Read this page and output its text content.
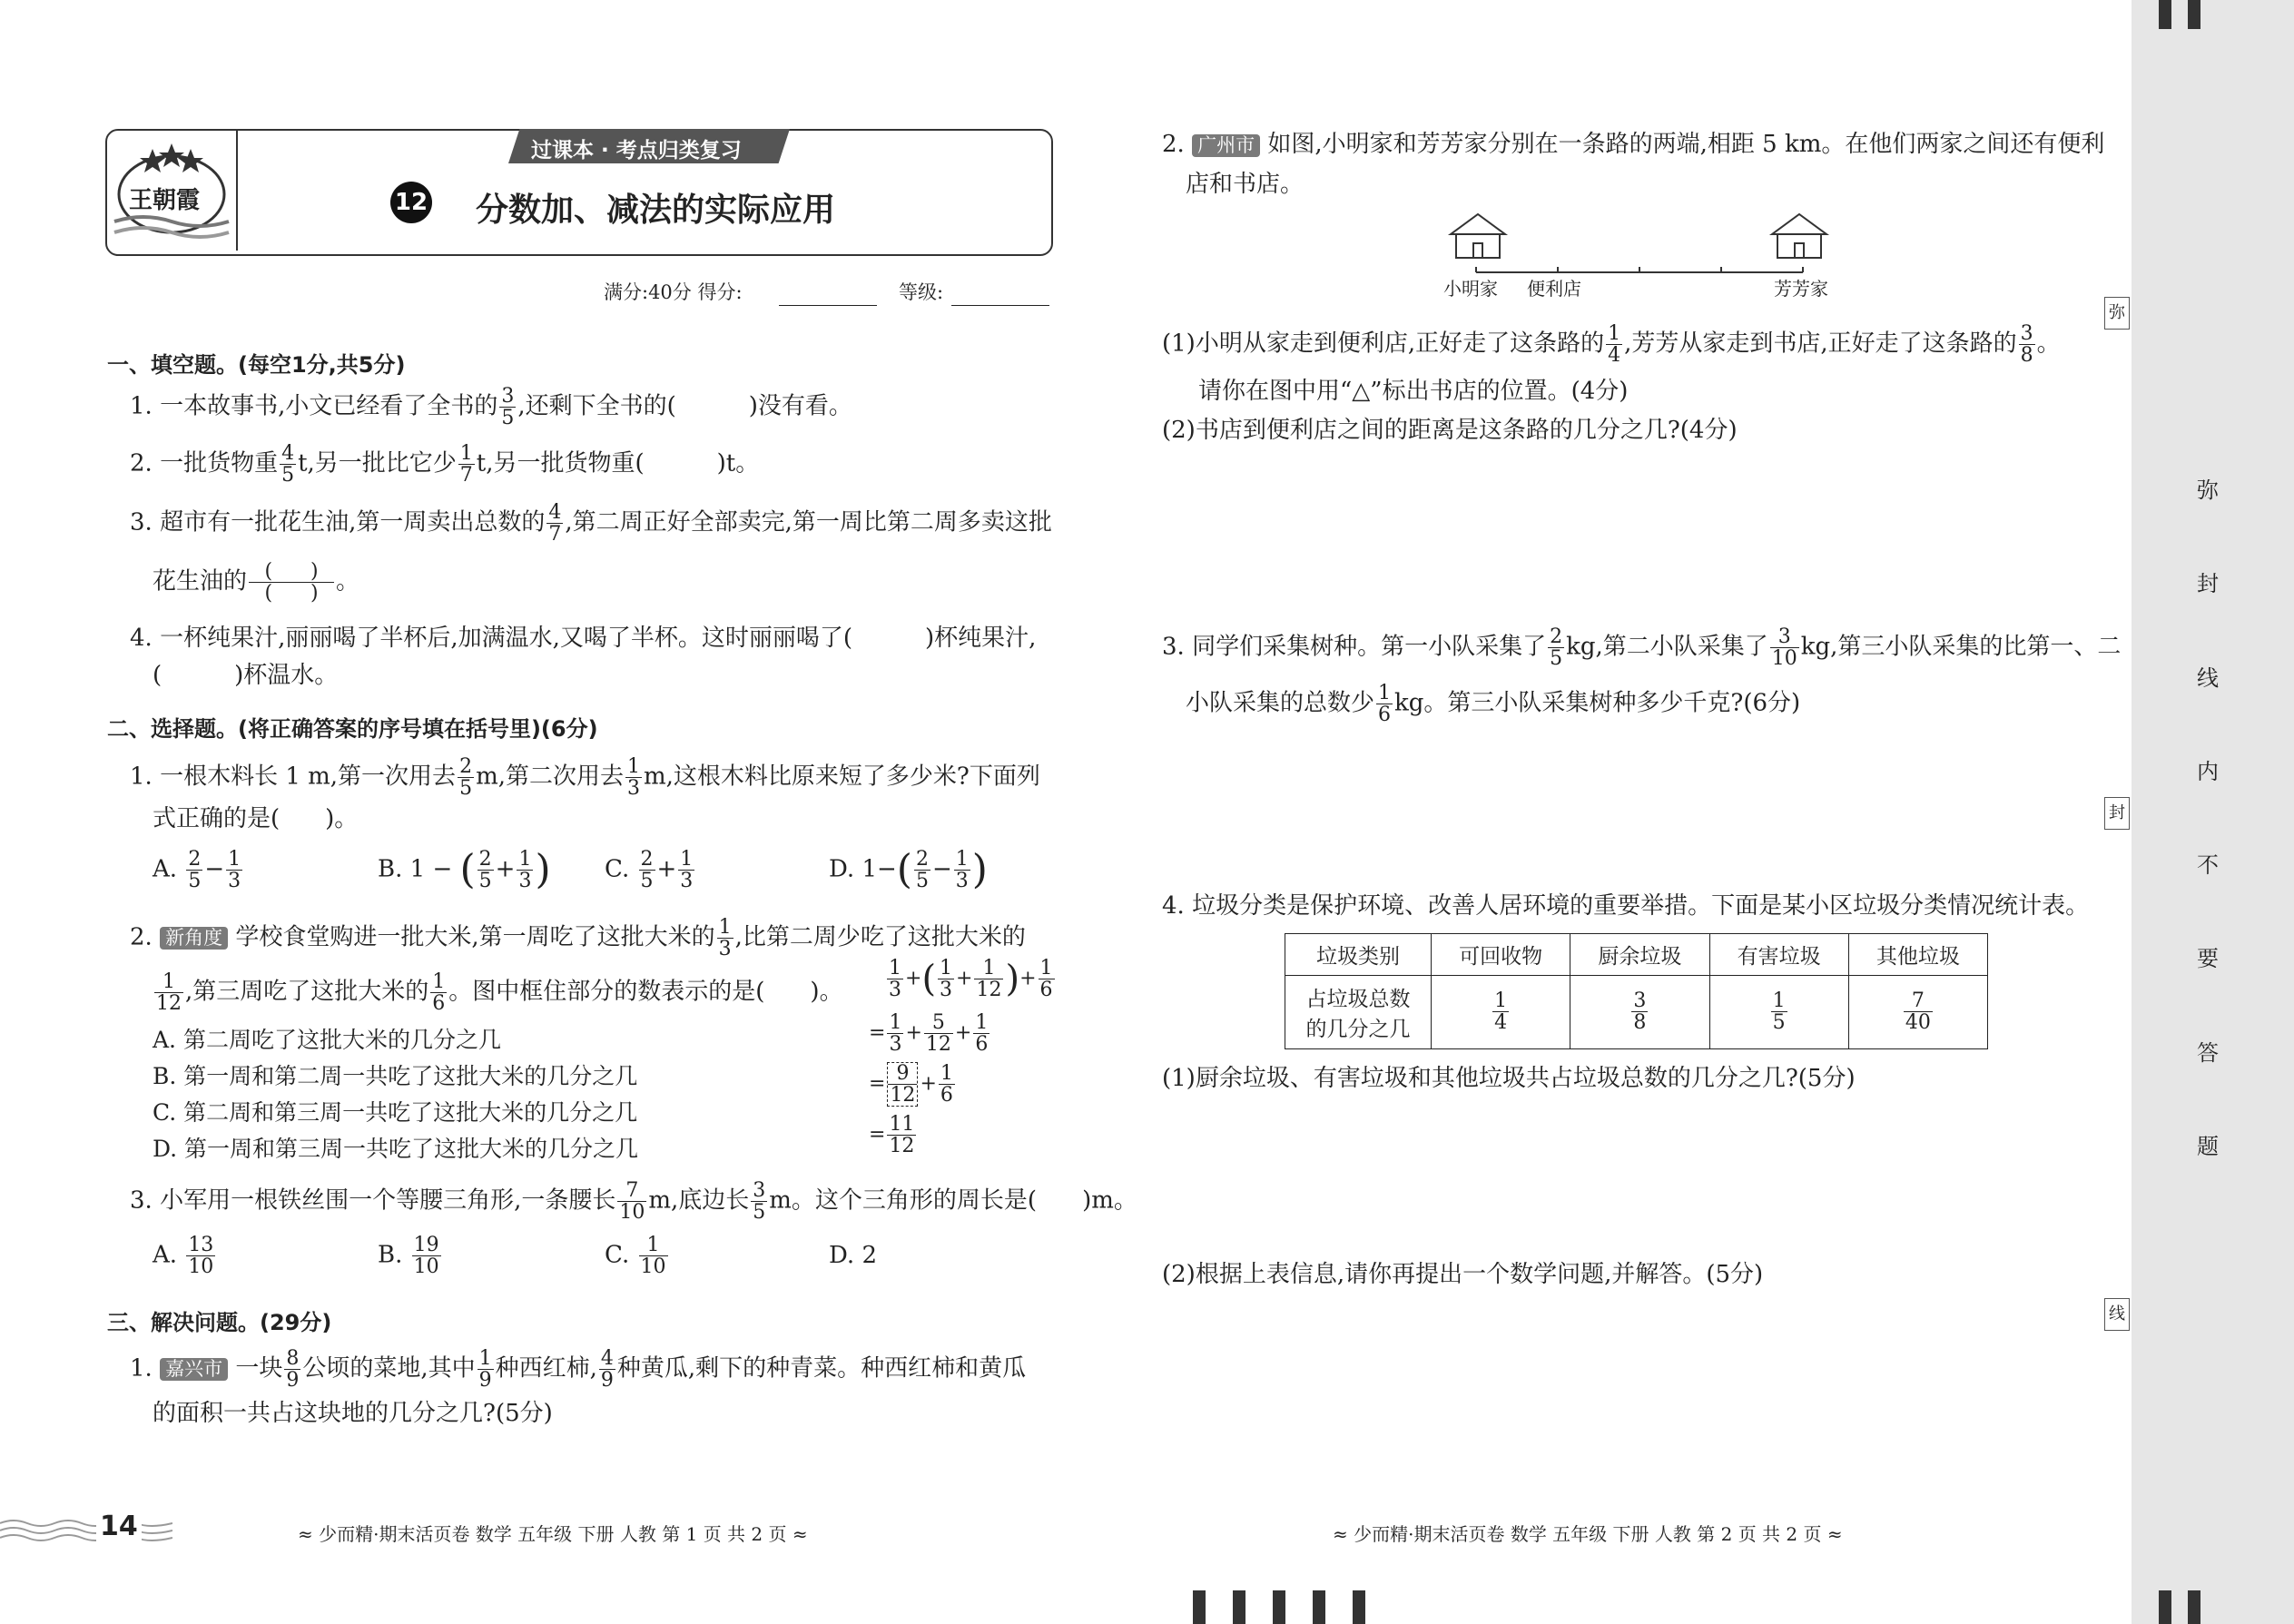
弥
封
线
内
不
要
答
题
弥
封
线
王朝霞
过课本 · 考点归类复习
12 分数加、减法的实际应用
满分:40分 得分:	等级:
一、填空题。(每空1分,共5分)
1. 一本故事书,小文已经看了全书的 $\frac{3}{5}$ ,还剩下全书的(	)没有看。
2. 一批货物重 $\frac{4}{5} t$,另一批比它少 $\frac{1}{7} t$,另一批货物重(	)t。
3. 超市有一批花生油,第一周卖出总数的 $\frac{4}{7}$ ,第二周正好全部卖完,第一周比第二周多卖这批
花生油的 $\frac{( )}{( )}$ 。
4. 一杯纯果汁,丽丽喝了半杯后,加满温水,又喝了半杯。这时丽丽喝了(	)杯纯果汁,
(	)杯温水。
二、选择题。(将正确答案的序号填在括号里)(6分)
1. 一根木料长 1 m,第一次用去 $\frac{2}{5} m$,第二次用去 $\frac{1}{3} m$,这根木料比原来短了多少米?下面列
式正确的是( )。
A. $\frac{2}{5} - \frac{1}{3}$	B. 1 − ( $\frac{2}{5} + \frac{1}{3}$ ) C. $\frac{2}{5} + \frac{1}{3}$	D. $1-( \frac{2}{5} - \frac{1}{3}$ )
2. 新角度 学校食堂购进一批大米,第一周吃了这批大米的 $\frac{1}{3}$ ,比第二周少吃了这批大米的
$\frac{1}{12}$ ,第三周吃了这批大米的 $\frac{1}{6}$ 。图中框住部分的数表示的是( )。
A. 第二周吃了这批大米的几分之几
B. 第一周和第二周一共吃了这批大米的几分之几
C. 第二周和第三周一共吃了这批大米的几分之几
D. 第一周和第三周一共吃了这批大米的几分之几
$\frac{1}{3}$ +( $\frac{1}{3} + \frac{1}{12}$ )+ $\frac{1}{6}$
= $\frac{1}{3} + \frac{5}{12} + \frac{1}{6}$
= $\frac{9}{12} + \frac{1}{6}$
= $\frac{11}{12}$
3. 小军用一根铁丝围一个等腰三角形,一条腰长 $\frac{7}{10} m$,底边长 $\frac{3}{5}$ m。这个三角形的周长是( )m。
A. $\frac{13}{10}$	B. $\frac{19}{10}$	C. $\frac{1}{10}$	D. 2
三、解决问题。(29分)
1. 嘉兴市 一块 $\frac{8}{9}$ 公顷的菜地,其中 $\frac{1}{9}$ 种西红柿, $\frac{4}{9}$ 种黄瓜,剩下的种青菜。种西红柿和黄瓜
的面积一共占这块地的几分之几?(5分)
2. 广州市 如图,小明家和芳芳家分别在一条路的两端,相距 5 km。在他们两家之间还有便利
店和书店。
小明家 便利店	芳芳家
(1)小明从家走到便利店,正好走了这条路的 $\frac{1}{4}$ ,芳芳从家走到书店,正好走了这条路的 $\frac{3}{8}$ 。
请你在图中用“△”标出书店的位置。(4分)
(2)书店到便利店之间的距离是这条路的几分之几?(4分)
3. 同学们采集树种。第一小队采集了 $\frac{2}{5}$ kg,第二小队采集了 $\frac{3}{10}$ kg,第三小队采集的比第一、二
小队采集的总数少 $\frac{1}{6}$ kg。第三小队采集树种多少千克?(6分)
4. 垃圾分类是保护环境、改善人居环境的重要举措。下面是某小区垃圾分类情况统计表。
垃圾类别	可回收物	厨余垃圾	有害垃圾	其他垃圾
占垃圾总数
的几分之几	$\frac{1}{4}$	$\frac{3}{8}$	$\frac{1}{5}$	$\frac{7}{40}$
(1)厨余垃圾、有害垃圾和其他垃圾共占垃圾总数的几分之几?(5分)
(2)根据上表信息,请你再提出一个数学问题,并解答。(5分)
14	≈ 少而精·期末活页卷 数学 五年级 下册 人教 第 1 页 共 2 页 ≈	≈ 少而精·期末活页卷 数学 五年级 下册 人教 第 2 页 共 2 页 ≈
